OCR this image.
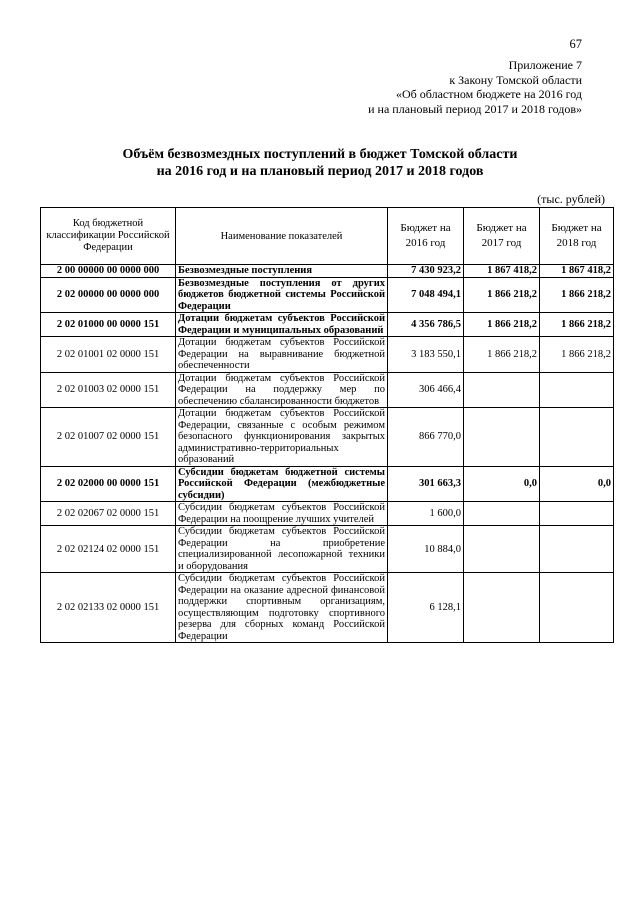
67
Приложение 7
к Закону Томской области
«Об областном бюджете на 2016 год
и на плановый период 2017 и 2018 годов»
Объём безвозмездных поступлений в бюджет Томской области
на 2016 год и на плановый период 2017 и 2018 годов
(тыс. рублей)
Код бюджетной классификации Российской Федерации	Наименование показателей	Бюджет на 2016 год	Бюджет на 2017 год	Бюджет на 2018 год
2 00 00000 00 0000 000	Безвозмездные поступления	7 430 923,2	1 867 418,2	1 867 418,2
2 02 00000 00 0000 000	Безвозмездные поступления от других бюджетов бюджетной системы Российской Федерации	7 048 494,1	1 866 218,2	1 866 218,2
2 02 01000 00 0000 151	Дотации бюджетам субъектов Российской Федерации и муниципальных образований	4 356 786,5	1 866 218,2	1 866 218,2
2 02 01001 02 0000 151	Дотации бюджетам субъектов Российской Федерации на выравнивание бюджетной обеспеченности	3 183 550,1	1 866 218,2	1 866 218,2
2 02 01003 02 0000 151	Дотации бюджетам субъектов Российской Федерации на поддержку мер по обеспечению сбалансированности бюджетов	306 466,4		
2 02 01007 02 0000 151	Дотации бюджетам субъектов Российской Федерации, связанные с особым режимом безопасного функционирования закрытых административно-территориальных образований	866 770,0		
2 02 02000 00 0000 151	Субсидии бюджетам бюджетной системы Российской Федерации (межбюджетные субсидии)	301 663,3	0,0	0,0
2 02 02067 02 0000 151	Субсидии бюджетам субъектов Российской Федерации на поощрение лучших учителей	1 600,0		
2 02 02124 02 0000 151	Субсидии бюджетам субъектов Российской Федерации на приобретение специализированной лесопожарной техники и оборудования	10 884,0		
2 02 02133 02 0000 151	Субсидии бюджетам субъектов Российской Федерации на оказание адресной финансовой поддержки спортивным организациям, осуществляющим подготовку спортивного резерва для сборных команд Российской Федерации	6 128,1		
